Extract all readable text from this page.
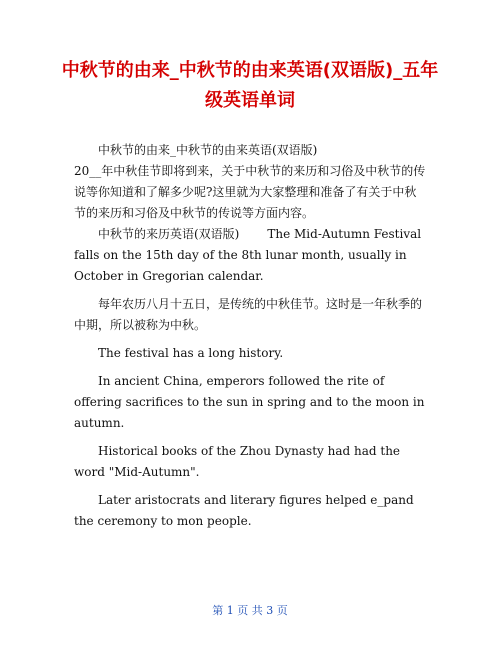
中秋节的由来_中秋节的由来英语(双语版)_五年级英语单词

中秋节的由来_中秋节的由来英语(双语版)

20__年中秋佳节即将到来，关于中秋节的来历和习俗及中秋节的传说等你知道和了解多少呢?这里就为大家整理和准备了有关于中秋节的来历和习俗及中秋节的传说等方面内容。

中秋节的来历英语(双语版) The Mid-Autumn Festival falls on the 15th day of the 8th lunar month, usually in October in Gregorian calendar.

每年农历八月十五日，是传统的中秋佳节。这时是一年秋季的中期，所以被称为中秋。

The festival has a long history.

In ancient China, emperors followed the rite of offering sacrifices to the sun in spring and to the moon in autumn.

Historical books of the Zhou Dynasty had had the word "Mid-Autumn".

Later aristocrats and literary figures helped e_pand the ceremony to mon people.

第 1 页 共 3 页
